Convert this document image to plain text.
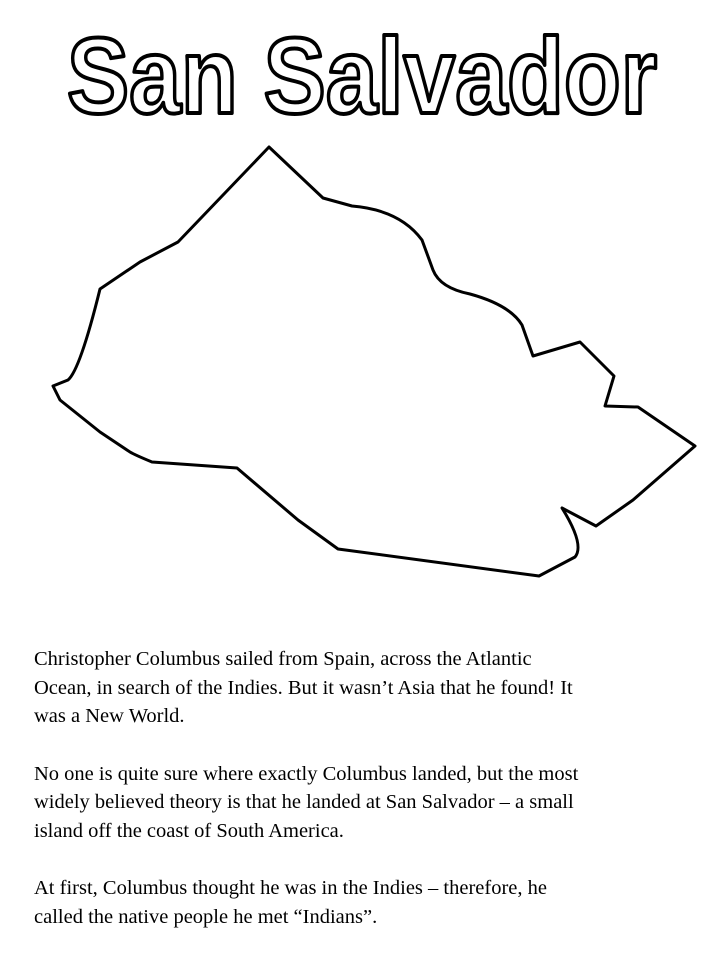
San Salvador

Christopher Columbus sailed from Spain, across the Atlantic
Ocean, in search of the Indies. But it wasn’t Asia that he found! It
was a New World.

No one is quite sure where exactly Columbus landed, but the most
widely believed theory is that he landed at San Salvador – a small
island off the coast of South America.

At first, Columbus thought he was in the Indies – therefore, he
called the native people he met “Indians”.
